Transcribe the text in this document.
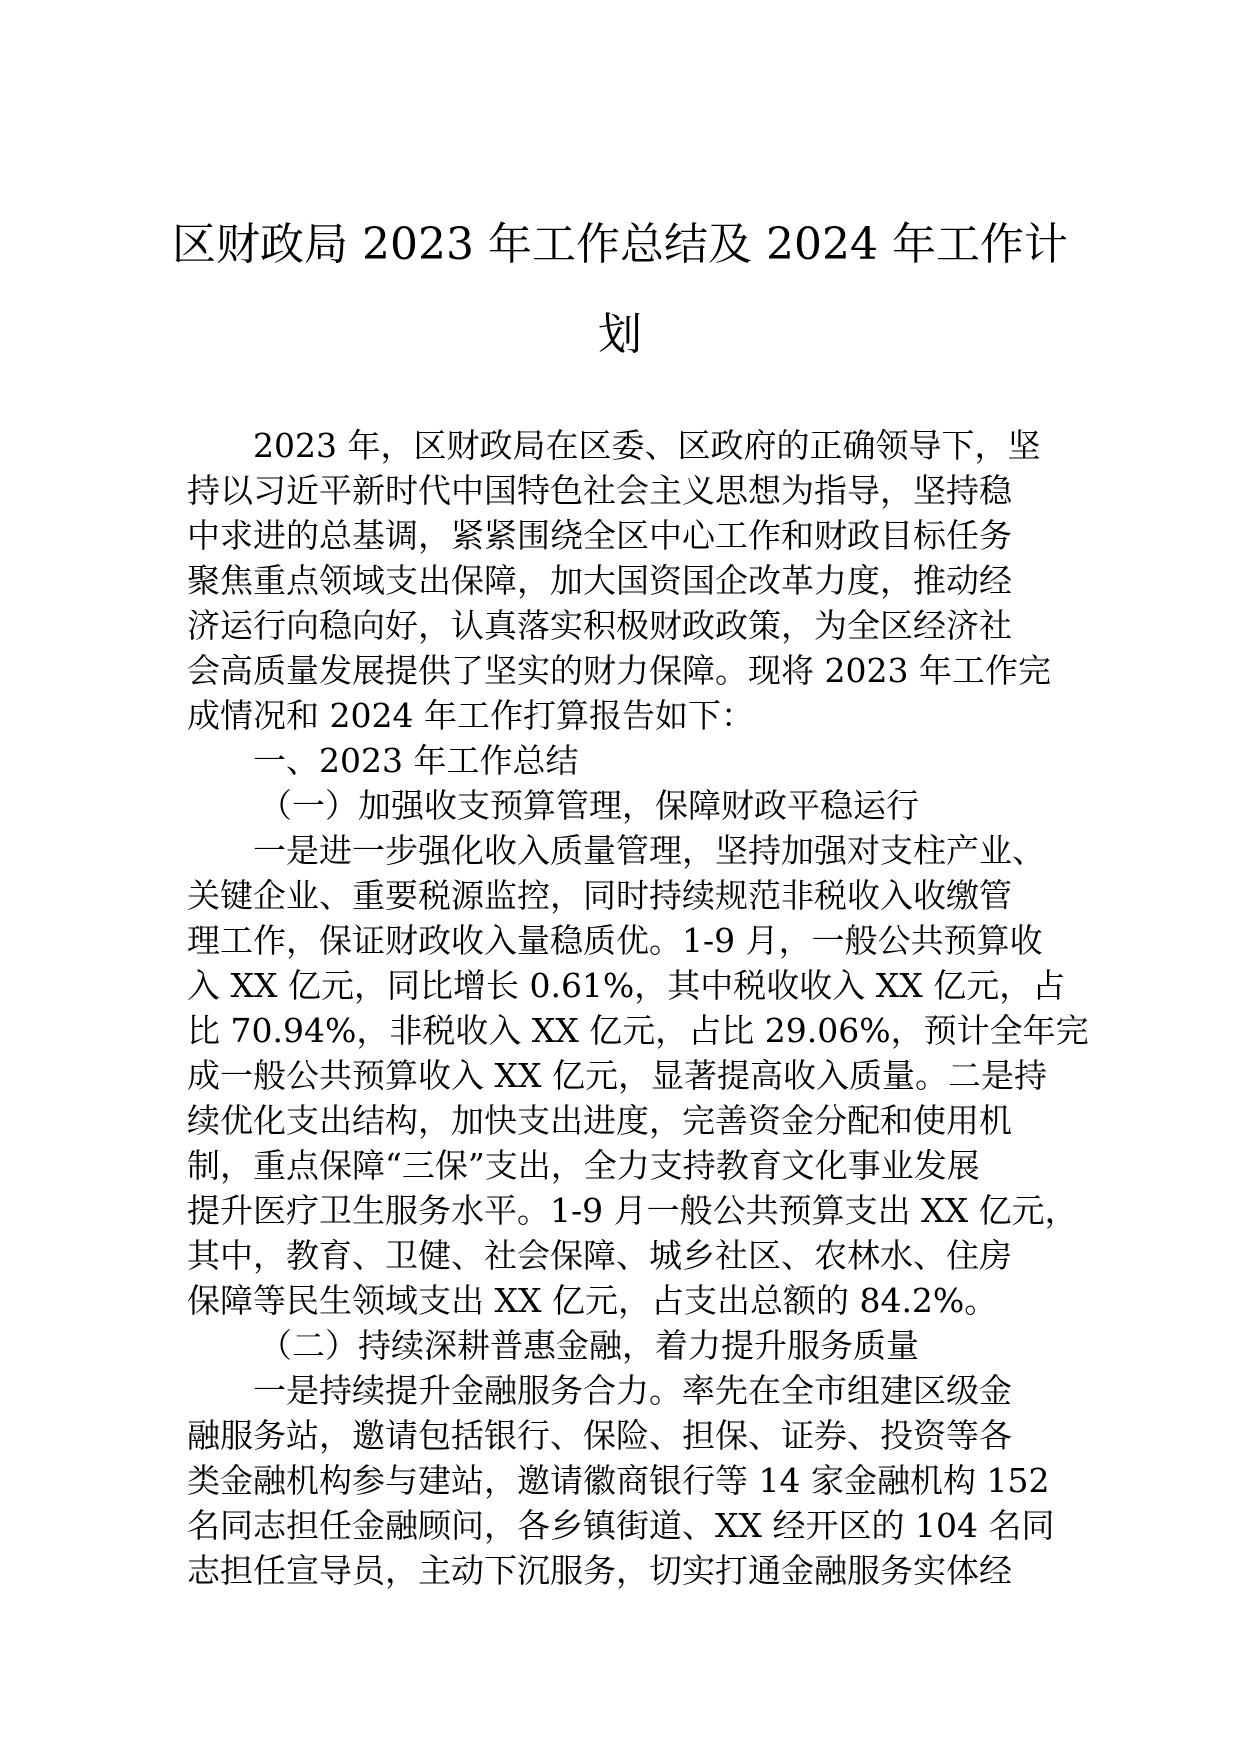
区财政局 2023 年工作总结及 2024 年工作计
划
2023 年，区财政局在区委、区政府的正确领导下，坚
持以习近平新时代中国特色社会主义思想为指导，坚持稳
中求进的总基调，紧紧围绕全区中心工作和财政目标任务
聚焦重点领域支出保障，加大国资国企改革力度，推动经
济运行向稳向好，认真落实积极财政政策，为全区经济社
会高质量发展提供了坚实的财力保障。现将 2023 年工作完
成情况和 2024 年工作打算报告如下：
一、2023 年工作总结
（一）加强收支预算管理，保障财政平稳运行
一是进一步强化收入质量管理，坚持加强对支柱产业、
关键企业、重要税源监控，同时持续规范非税收入收缴管
理工作，保证财政收入量稳质优。1-9 月，一般公共预算收
入 XX 亿元，同比增长 0.61%，其中税收收入 XX 亿元，占
比 70.94%，非税收入 XX 亿元，占比 29.06%，预计全年完
成一般公共预算收入 XX 亿元，显著提高收入质量。二是持
续优化支出结构，加快支出进度，完善资金分配和使用机
制，重点保障“三保”支出，全力支持教育文化事业发展
提升医疗卫生服务水平。1-9 月一般公共预算支出 XX 亿元，
其中，教育、卫健、社会保障、城乡社区、农林水、住房
保障等民生领域支出 XX 亿元，占支出总额的 84.2%。
（二）持续深耕普惠金融，着力提升服务质量
一是持续提升金融服务合力。率先在全市组建区级金
融服务站，邀请包括银行、保险、担保、证券、投资等各
类金融机构参与建站，邀请徽商银行等 14 家金融机构 152
名同志担任金融顾问，各乡镇街道、XX 经开区的 104 名同
志担任宣导员，主动下沉服务，切实打通金融服务实体经
